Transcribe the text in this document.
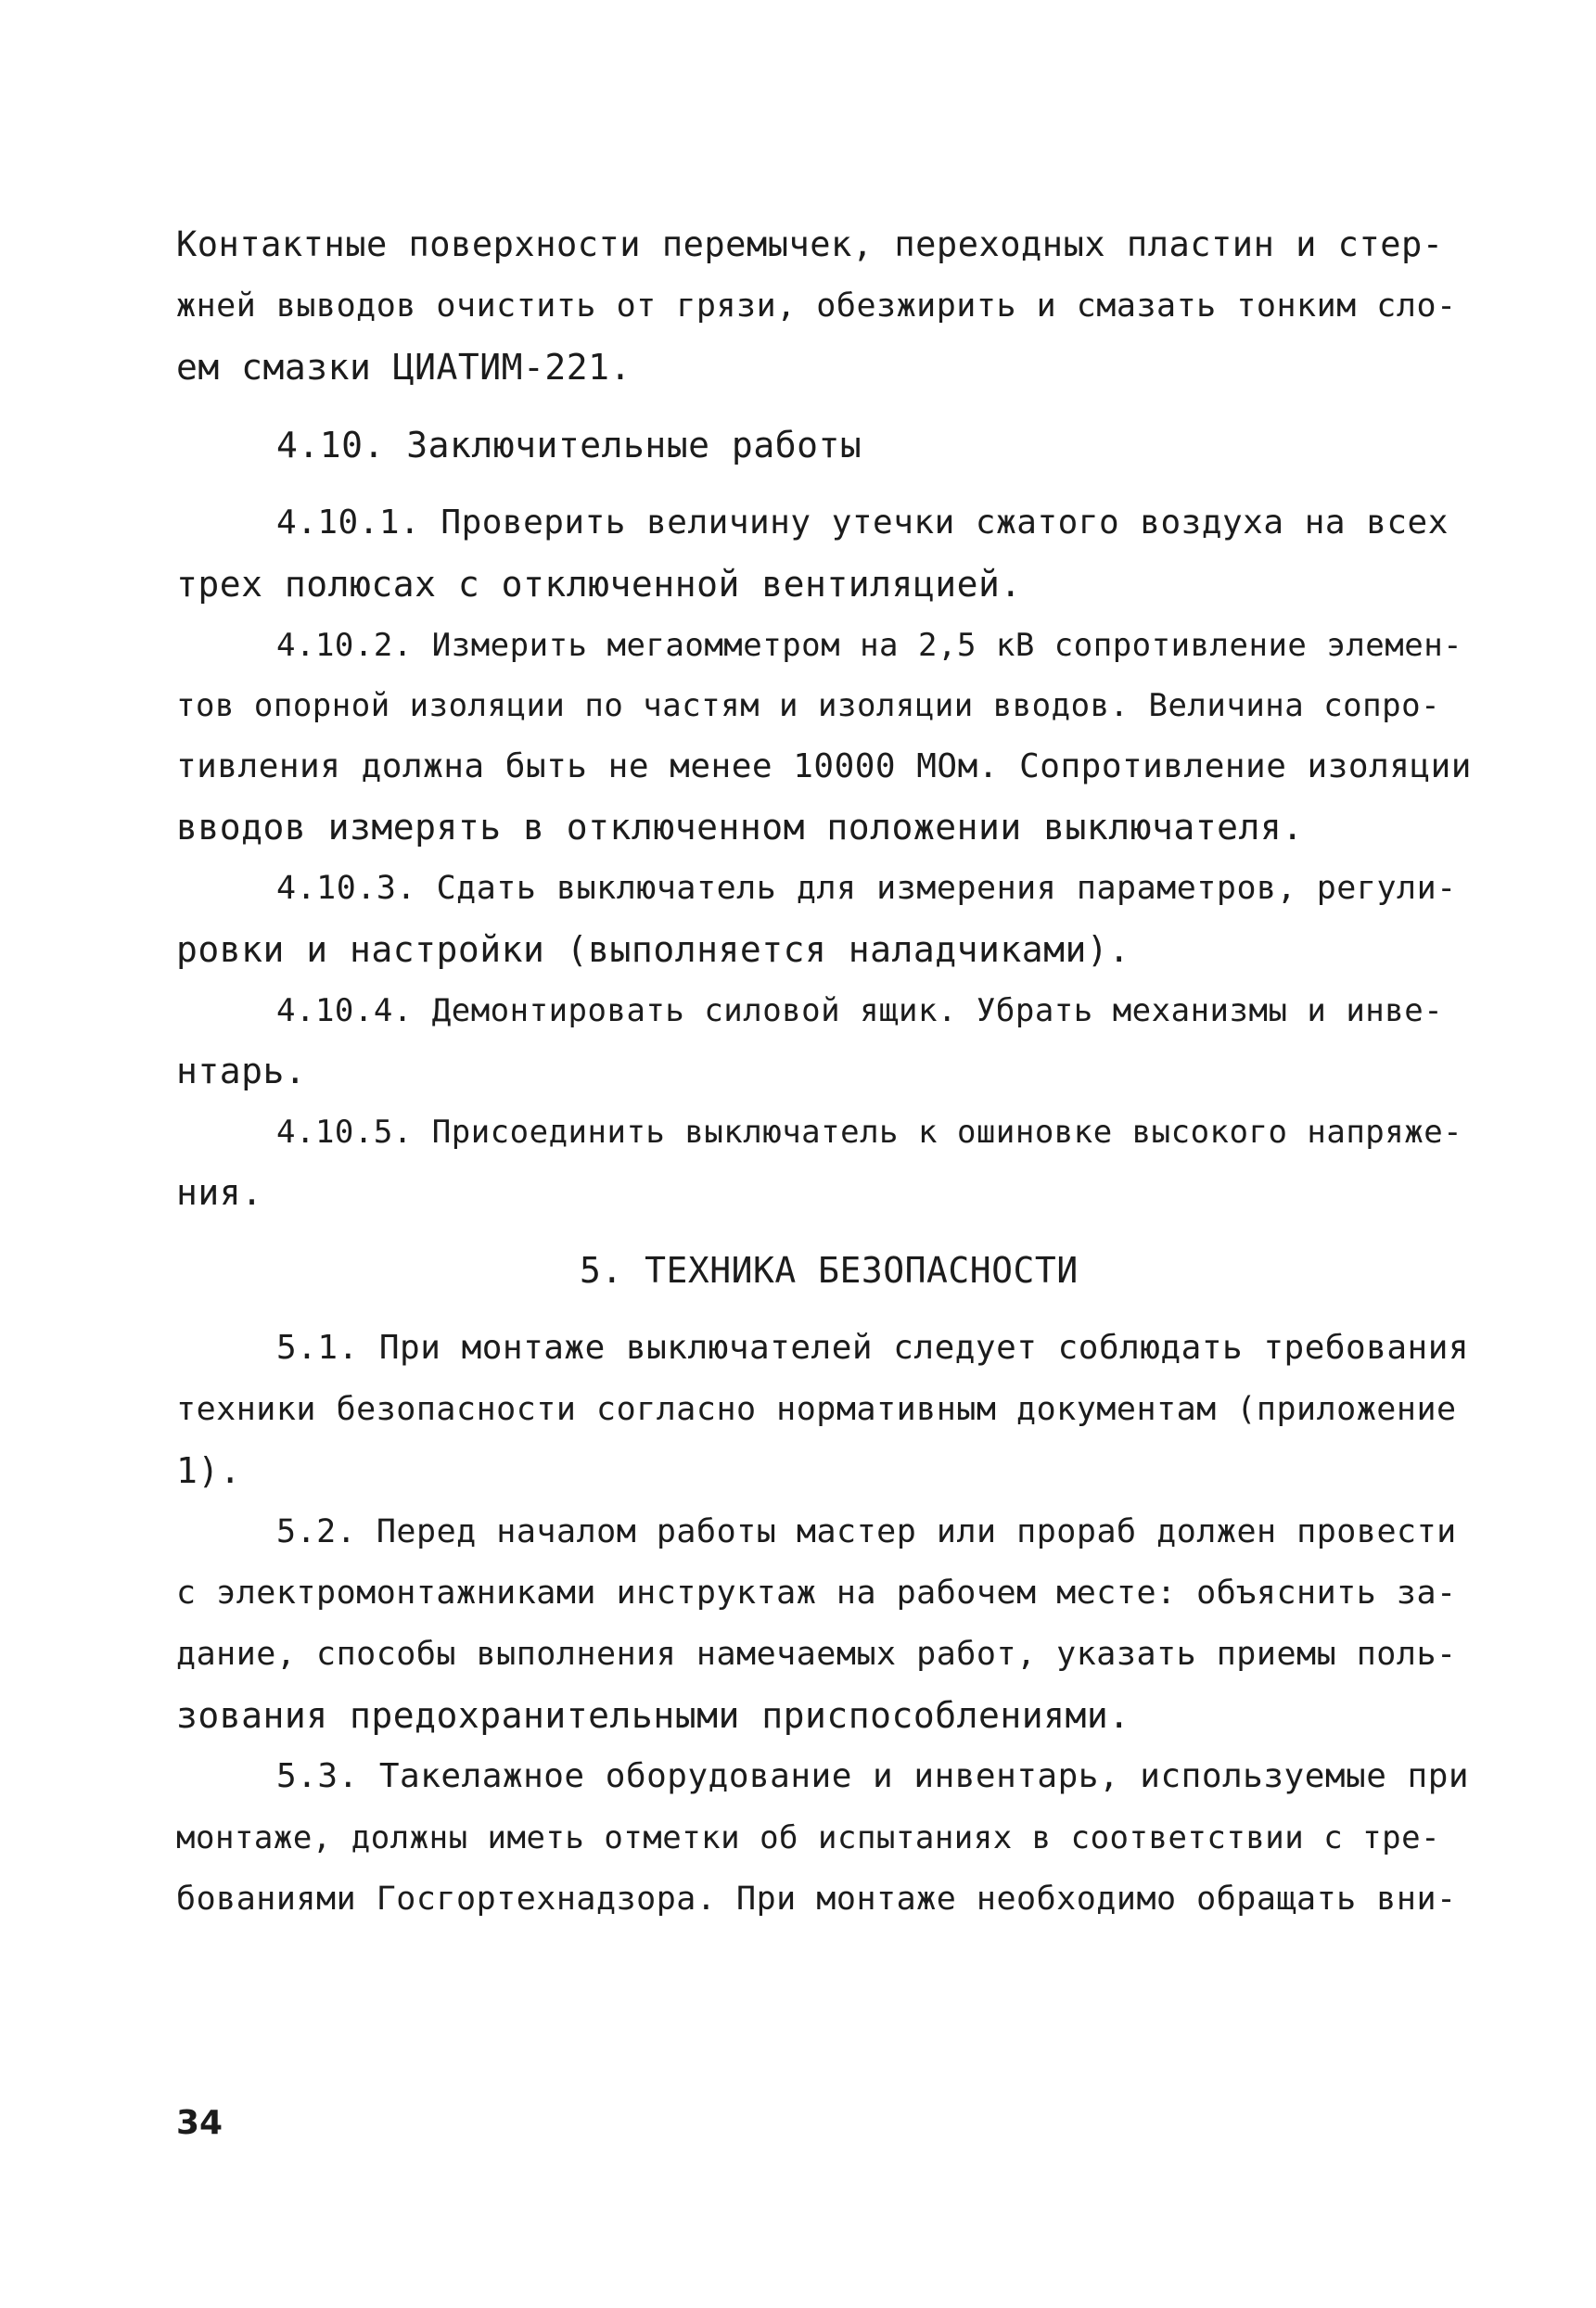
Контактные поверхности перемычек, переходных пластин и стер-

жней выводов очистить от грязи, обезжирить и смазать тонким сло-

ем смазки ЦИАТИМ-221.

4.10. Заключительные работы

4.10.1. Проверить величину утечки сжатого воздуха на всех

трех полюсах с отключенной вентиляцией.

4.10.2. Измерить мегаомметром на 2,5 кВ сопротивление элемен-

тов опорной изоляции по частям и изоляции вводов. Величина сопро-

тивления должна быть не менее 10000 МОм. Сопротивление изоляции

вводов измерять в отключенном положении выключателя.

4.10.3. Сдать выключатель для измерения параметров, регули-

ровки и настройки (выполняется наладчиками).

4.10.4. Демонтировать силовой ящик. Убрать механизмы и инве-

нтарь.

4.10.5. Присоединить выключатель к ошиновке высокого напряже-

ния.

5. ТЕХНИКА БЕЗОПАСНОСТИ

5.1. При монтаже выключателей следует соблюдать требования

техники безопасности согласно нормативным документам (приложение

1).

5.2. Перед началом работы мастер или прораб должен провести

с электромонтажниками инструктаж на рабочем месте: объяснить за-

дание, способы выполнения намечаемых работ, указать приемы поль-

зования предохранительными приспособлениями.

5.3. Такелажное оборудование и инвентарь, используемые при

монтаже, должны иметь отметки об испытаниях в соответствии с тре-

бованиями Госгортехнадзора. При монтаже необходимо обращать вни-

34
